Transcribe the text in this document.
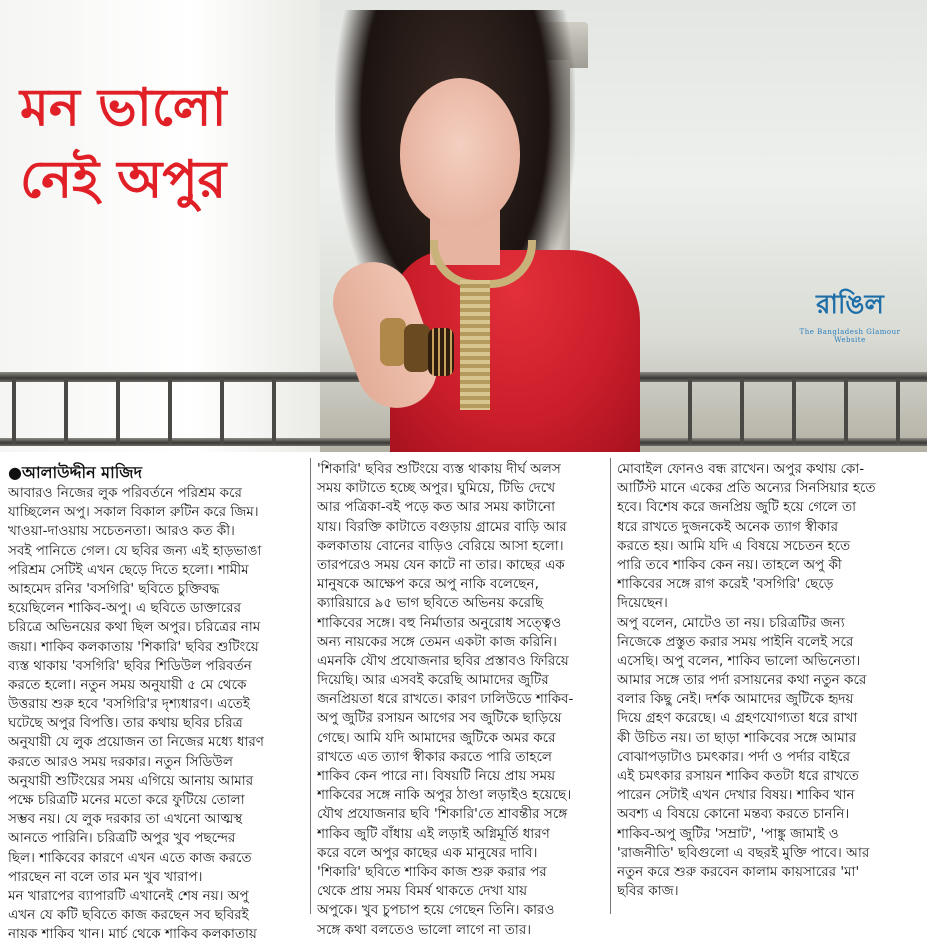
রাঙিল
The Bangladesh Glamour Website
মন ভালো
নেই অপুর
●আলাউদ্দীন মাজিদ
আবারও নিজের লুক পরিবর্তনে পরিশ্রম করে
যাচ্ছিলেন অপু। সকাল বিকাল রুটিন করে জিম।
খাওয়া-দাওয়ায় সচেতনতা। আরও কত কী।
সবই পানিতে গেল। যে ছবির জন্য এই হাড়ভাঙা
পরিশ্রম সেটিই এখন ছেড়ে দিতে হলো। শামীম
আহমেদ রনির 'বসগিরি' ছবিতে চুক্তিবদ্ধ
হয়েছিলেন শাকিব-অপু। এ ছবিতে ডাক্তারের
চরিত্রে অভিনয়ের কথা ছিল অপুর। চরিত্রের নাম
জয়া। শাকিব কলকাতায় 'শিকারি' ছবির শুটিংয়ে
ব্যস্ত থাকায় 'বসগিরি' ছবির শিডিউল পরিবর্তন
করতে হলো। নতুন সময় অনুযায়ী ৫ মে থেকে
উত্তরায় শুরু হবে 'বসগিরি'র দৃশ্যধারণ। এতেই
ঘটেছে অপুর বিপত্তি। তার কথায় ছবির চরিত্র
অনুযায়ী যে লুক প্রয়োজন তা নিজের মধ্যে ধারণ
করতে আরও সময় দরকার। নতুন সিডিউল
অনুযায়ী শুটিংয়ের সময় এগিয়ে আনায় আমার
পক্ষে চরিত্রটি মনের মতো করে ফুটিয়ে তোলা
সম্ভব নয়। যে লুক দরকার তা এখনো আত্মস্থ
আনতে পারিনি। চরিত্রটি অপুর খুব পছন্দের
ছিল। শাকিবের কারণে এখন এতে কাজ করতে
পারছেন না বলে তার মন খুব খারাপ।
মন খারাপের ব্যাপারটি এখানেই শেষ নয়। অপু
এখন যে কটি ছবিতে কাজ করছেন সব ছবিরই
নায়ক শাকিব খান। মার্চ থেকে শাকিব কলকাতায়
'শিকারি' ছবির শুটিংয়ে ব্যস্ত থাকায় দীর্ঘ অলস
সময় কাটাতে হচ্ছে অপুর। ঘুমিয়ে, টিভি দেখে
আর পত্রিকা-বই পড়ে কত আর সময় কাটানো
যায়। বিরক্তি কাটাতে বগুড়ায় গ্রামের বাড়ি আর
কলকাতায় বোনের বাড়িও বেরিয়ে আসা হলো।
তারপরেও সময় যেন কাটে না তার। কাছের এক
মানুষকে আক্ষেপ করে অপু নাকি বলেছেন,
ক্যারিয়ারে ৯৫ ভাগ ছবিতে অভিনয় করেছি
শাকিবের সঙ্গে। বহু নির্মাতার অনুরোধ সত্ত্বেও
অন্য নায়কের সঙ্গে তেমন একটা কাজ করিনি।
এমনকি যৌথ প্রযোজনার ছবির প্রস্তাবও ফিরিয়ে
দিয়েছি। আর এসবই করেছি আমাদের জুটির
জনপ্রিয়তা ধরে রাখতে। কারণ ঢালিউডে শাকিব-
অপু জুটির রসায়ন আগের সব জুটিকে ছাড়িয়ে
গেছে। আমি যদি আমাদের জুটিকে অমর করে
রাখতে এত ত্যাগ স্বীকার করতে পারি তাহলে
শাকিব কেন পারে না। বিষয়টি নিয়ে প্রায় সময়
শাকিবের সঙ্গে নাকি অপুর ঠাণ্ডা লড়াইও হয়েছে।
যৌথ প্রযোজনার ছবি 'শিকারি'তে শ্রাবন্তীর সঙ্গে
শাকিব জুটি বাঁধায় এই লড়াই অগ্নিমূর্তি ধারণ
করে বলে অপুর কাছের এক মানুষের দাবি।
'শিকারি' ছবিতে শাকিব কাজ শুরু করার পর
থেকে প্রায় সময় বিমর্ষ থাকতে দেখা যায়
অপুকে। খুব চুপচাপ হয়ে গেছেন তিনি। কারও
সঙ্গে কথা বলতেও ভালো লাগে না তার।
মোবাইল ফোনও বন্ধ রাখেন। অপুর কথায় কো-
আর্টিস্ট মানে একের প্রতি অন্যের সিনসিয়ার হতে
হবে। বিশেষ করে জনপ্রিয় জুটি হয়ে গেলে তা
ধরে রাখতে দুজনকেই অনেক ত্যাগ স্বীকার
করতে হয়। আমি যদি এ বিষয়ে সচেতন হতে
পারি তবে শাকিব কেন নয়। তাহলে অপু কী
শাকিবের সঙ্গে রাগ করেই 'বসগিরি' ছেড়ে
দিয়েছেন।
অপু বলেন, মোটেও তা নয়। চরিত্রটির জন্য
নিজেকে প্রস্তুত করার সময় পাইনি বলেই সরে
এসেছি। অপু বলেন, শাকিব ভালো অভিনেতা।
আমার সঙ্গে তার পর্দা রসায়নের কথা নতুন করে
বলার কিছু নেই। দর্শক আমাদের জুটিকে হৃদয়
দিয়ে গ্রহণ করেছে। এ গ্রহণযোগ্যতা ধরে রাখা
কী উচিত নয়। তা ছাড়া শাকিবের সঙ্গে আমার
বোঝাপড়াটাও চমৎকার। পর্দা ও পর্দার বাইরে
এই চমৎকার রসায়ন শাকিব কতটা ধরে রাখতে
পারেন সেটাই এখন দেখার বিষয়। শাকিব খান
অবশ্য এ বিষয়ে কোনো মন্তব্য করতে চাননি।
শাকিব-অপু জুটির 'সম্রাট', 'পাঙ্কু জামাই ও
'রাজনীতি' ছবিগুলো এ বছরই মুক্তি পাবে। আর
নতুন করে শুরু করবেন কালাম কায়সারের 'মা'
ছবির কাজ।
